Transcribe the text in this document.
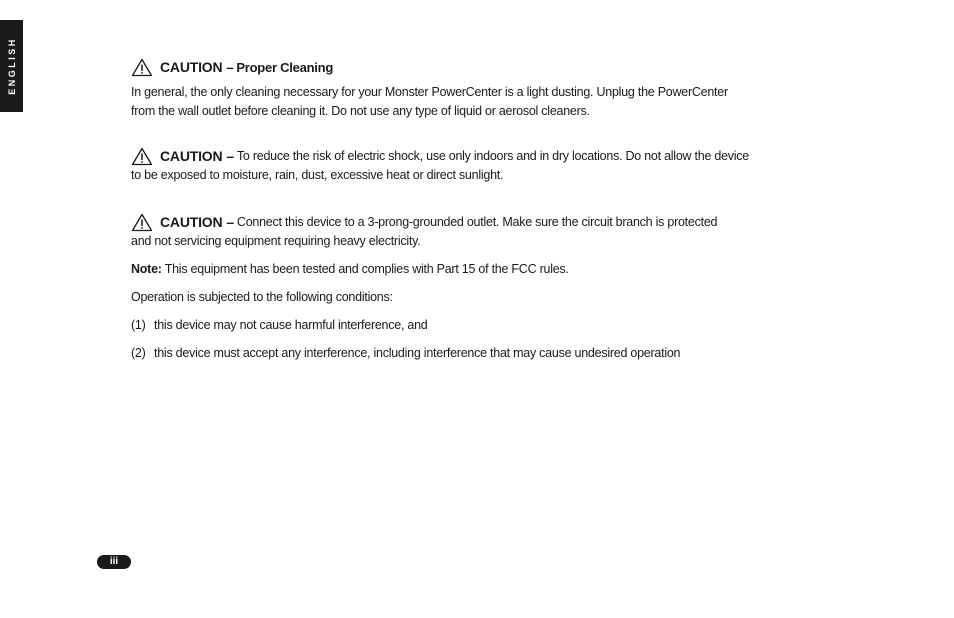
ENGLISH	CAUTION – Proper Cleaning
In general, the only cleaning necessary for your Monster PowerCenter is a light dusting. Unplug the PowerCenter
from the wall outlet before cleaning it. Do not use any type of liquid or aerosol cleaners.
CAUTION – To reduce the risk of electric shock, use only indoors and in dry locations. Do not allow the device
to be exposed to moisture, rain, dust, excessive heat or direct sunlight.
CAUTION – Connect this device to a 3-prong-grounded outlet. Make sure the circuit branch is protected
and not servicing equipment requiring heavy electricity.
Note: This equipment has been tested and complies with Part 15 of the FCC rules.
Operation is subjected to the following conditions:
(1) this device may not cause harmful interference, and
(2) this device must accept any interference, including interference that may cause undesired operation
iii
